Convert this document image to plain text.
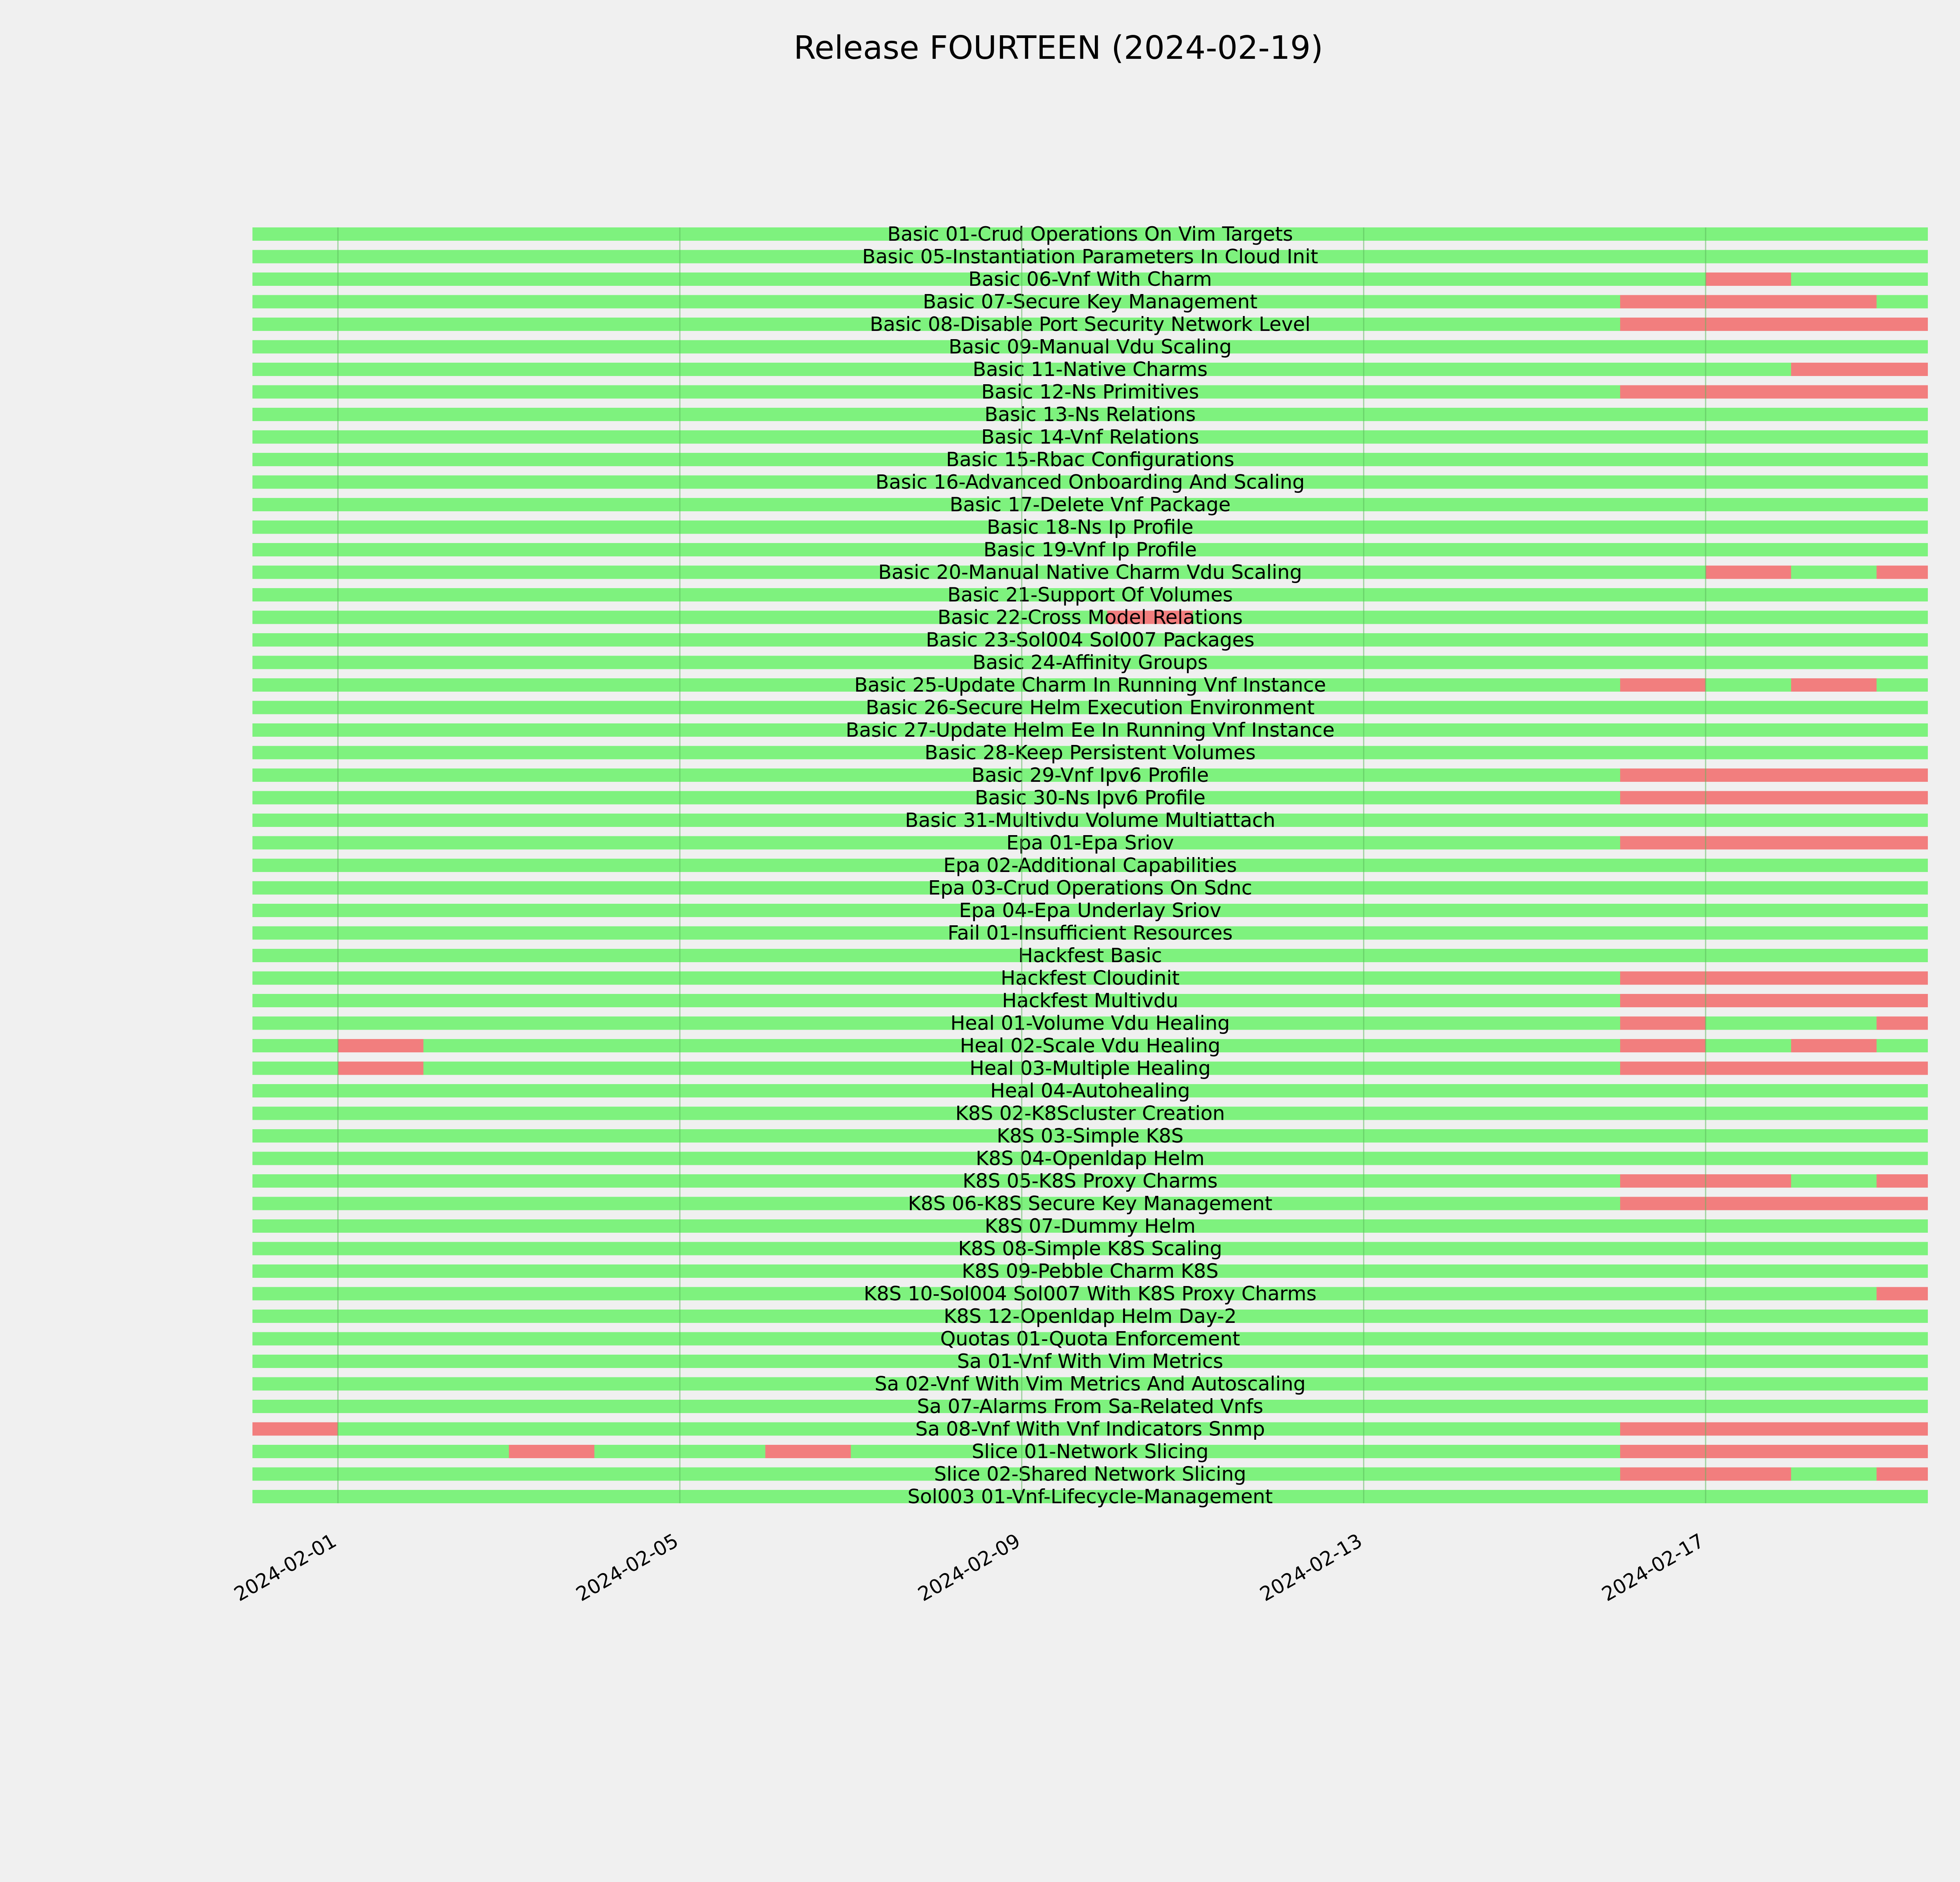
Release FOURTEEN (2024-02-19)
Basic 01-Crud Operations On Vim Targets
Basic 05-Instantiation Parameters In Cloud Init
Basic 06-Vnf With Charm
Basic 07-Secure Key Management
Basic 08-Disable Port Security Network Level
Basic 09-Manual Vdu Scaling
Basic 11-Native Charms
Basic 12-Ns Primitives
Basic 13-Ns Relations
Basic 14-Vnf Relations
Basic 15-Rbac Configurations
Basic 16-Advanced Onboarding And Scaling
Basic 17-Delete Vnf Package
Basic 18-Ns Ip Profile
Basic 19-Vnf Ip Profile
Basic 20-Manual Native Charm Vdu Scaling
Basic 21-Support Of Volumes
Basic 22-Cross Model Relations
Basic 23-Sol004 Sol007 Packages
Basic 24-Affinity Groups
Basic 25-Update Charm In Running Vnf Instance
Basic 26-Secure Helm Execution Environment
Basic 27-Update Helm Ee In Running Vnf Instance
Basic 28-Keep Persistent Volumes
Basic 29-Vnf Ipv6 Profile
Basic 30-Ns Ipv6 Profile
Basic 31-Multivdu Volume Multiattach
Epa 01-Epa Sriov
Epa 02-Additional Capabilities
Epa 03-Crud Operations On Sdnc
Epa 04-Epa Underlay Sriov
Fail 01-Insufficient Resources
Hackfest Basic
Hackfest Cloudinit
Hackfest Multivdu
Heal 01-Volume Vdu Healing
Heal 02-Scale Vdu Healing
Heal 03-Multiple Healing
Heal 04-Autohealing
K8S 02-K8Scluster Creation
K8S 03-Simple K8S
K8S 04-Openldap Helm
K8S 05-K8S Proxy Charms
K8S 06-K8S Secure Key Management
K8S 07-Dummy Helm
K8S 08-Simple K8S Scaling
K8S 09-Pebble Charm K8S
K8S 10-Sol004 Sol007 With K8S Proxy Charms
K8S 12-Openldap Helm Day-2
Quotas 01-Quota Enforcement
Sa 01-Vnf With Vim Metrics
Sa 02-Vnf With Vim Metrics And Autoscaling
Sa 07-Alarms From Sa-Related Vnfs
Sa 08-Vnf With Vnf Indicators Snmp
Slice 01-Network Slicing
Slice 02-Shared Network Slicing
Sol003 01-Vnf-Lifecycle-Management
2024-02-01	2024-02-05	2024-02-09	2024-02-13	2024-02-17
